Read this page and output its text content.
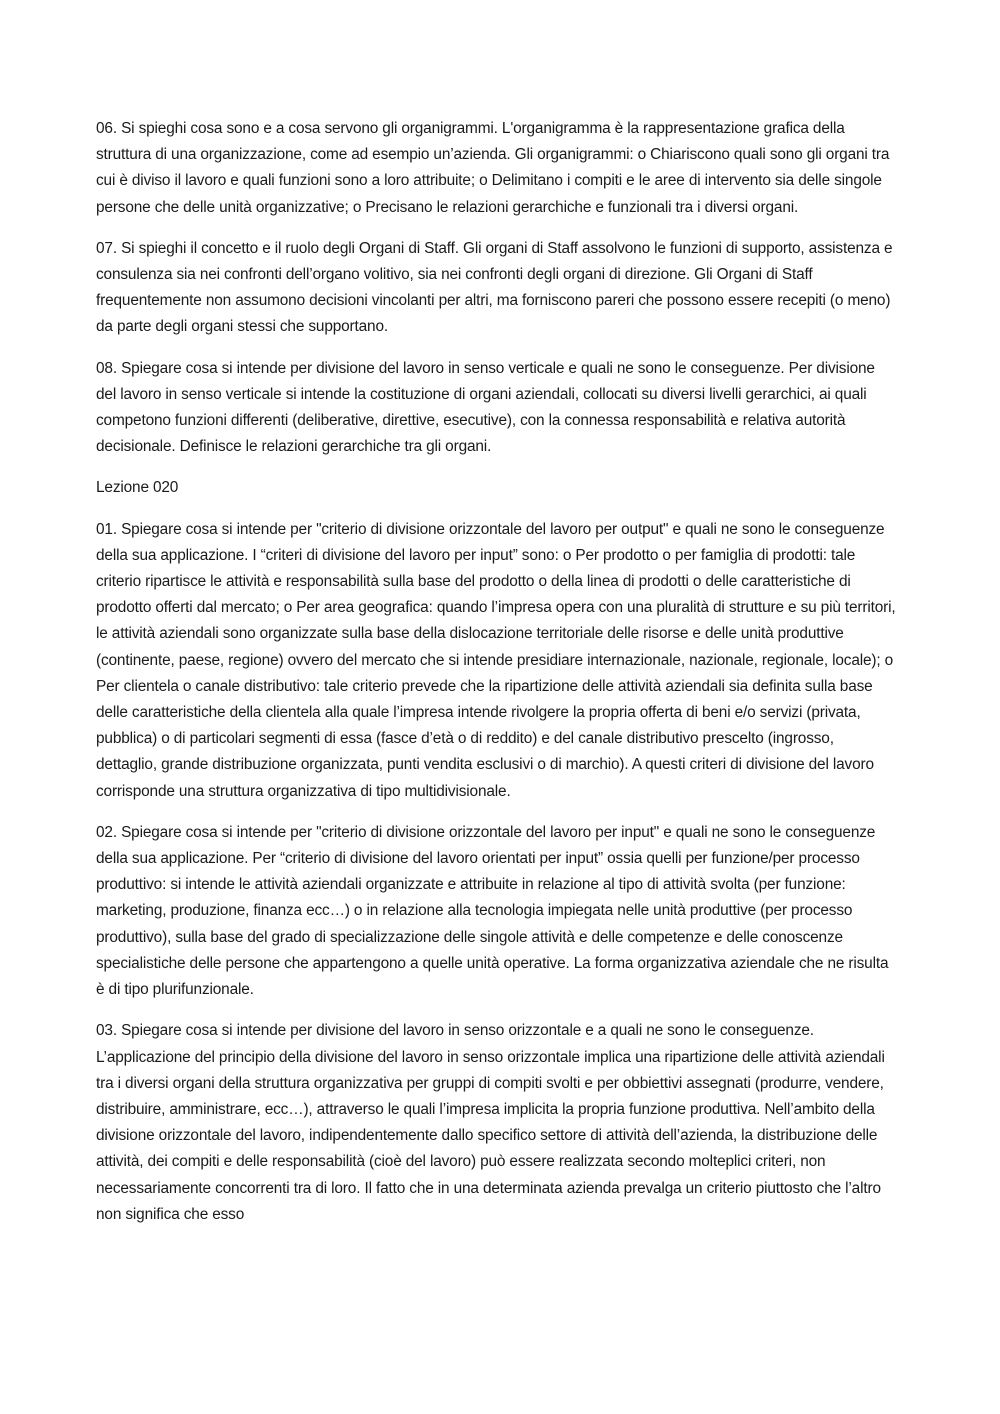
06. Si spieghi cosa sono e a cosa servono gli organigrammi. L'organigramma è la rappresentazione grafica della struttura di una organizzazione, come ad esempio un’azienda. Gli organigrammi: o Chiariscono quali sono gli organi tra cui è diviso il lavoro e quali funzioni sono a loro attribuite; o Delimitano i compiti e le aree di intervento sia delle singole persone che delle unità organizzative; o Precisano le relazioni gerarchiche e funzionali tra i diversi organi.

07. Si spieghi il concetto e il ruolo degli Organi di Staff. Gli organi di Staff assolvono le funzioni di supporto, assistenza e consulenza sia nei confronti dell’organo volitivo, sia nei confronti degli organi di direzione. Gli Organi di Staff frequentemente non assumono decisioni vincolanti per altri, ma forniscono pareri che possono essere recepiti (o meno) da parte degli organi stessi che supportano.

08. Spiegare cosa si intende per divisione del lavoro in senso verticale e quali ne sono le conseguenze. Per divisione del lavoro in senso verticale si intende la costituzione di organi aziendali, collocati su diversi livelli gerarchici, ai quali competono funzioni differenti (deliberative, direttive, esecutive), con la connessa responsabilità e relativa autorità decisionale. Definisce le relazioni gerarchiche tra gli organi.

Lezione 020

01. Spiegare cosa si intende per "criterio di divisione orizzontale del lavoro per output" e quali ne sono le conseguenze della sua applicazione. I “criteri di divisione del lavoro per input” sono: o Per prodotto o per famiglia di prodotti: tale criterio ripartisce le attività e responsabilità sulla base del prodotto o della linea di prodotti o delle caratteristiche di prodotto offerti dal mercato; o Per area geografica: quando l’impresa opera con una pluralità di strutture e su più territori, le attività aziendali sono organizzate sulla base della dislocazione territoriale delle risorse e delle unità produttive (continente, paese, regione) ovvero del mercato che si intende presidiare internazionale, nazionale, regionale, locale); o Per clientela o canale distributivo: tale criterio prevede che la ripartizione delle attività aziendali sia definita sulla base delle caratteristiche della clientela alla quale l’impresa intende rivolgere la propria offerta di beni e/o servizi (privata, pubblica) o di particolari segmenti di essa (fasce d’età o di reddito) e del canale distributivo prescelto (ingrosso, dettaglio, grande distribuzione organizzata, punti vendita esclusivi o di marchio). A questi criteri di divisione del lavoro corrisponde una struttura organizzativa di tipo multidivisionale.

02. Spiegare cosa si intende per "criterio di divisione orizzontale del lavoro per input" e quali ne sono le conseguenze della sua applicazione. Per “criterio di divisione del lavoro orientati per input” ossia quelli per funzione/per processo produttivo: si intende le attività aziendali organizzate e attribuite in relazione al tipo di attività svolta (per funzione: marketing, produzione, finanza ecc…) o in relazione alla tecnologia impiegata nelle unità produttive (per processo produttivo), sulla base del grado di specializzazione delle singole attività e delle competenze e delle conoscenze specialistiche delle persone che appartengono a quelle unità operative. La forma organizzativa aziendale che ne risulta è di tipo plurifunzionale.

03. Spiegare cosa si intende per divisione del lavoro in senso orizzontale e a quali ne sono le conseguenze. L’applicazione del principio della divisione del lavoro in senso orizzontale implica una ripartizione delle attività aziendali tra i diversi organi della struttura organizzativa per gruppi di compiti svolti e per obbiettivi assegnati (produrre, vendere, distribuire, amministrare, ecc…), attraverso le quali l’impresa implicita la propria funzione produttiva. Nell’ambito della divisione orizzontale del lavoro, indipendentemente dallo specifico settore di attività dell’azienda, la distribuzione delle attività, dei compiti e delle responsabilità (cioè del lavoro) può essere realizzata secondo molteplici criteri, non necessariamente concorrenti tra di loro. Il fatto che in una determinata azienda prevalga un criterio piuttosto che l’altro non significa che esso
